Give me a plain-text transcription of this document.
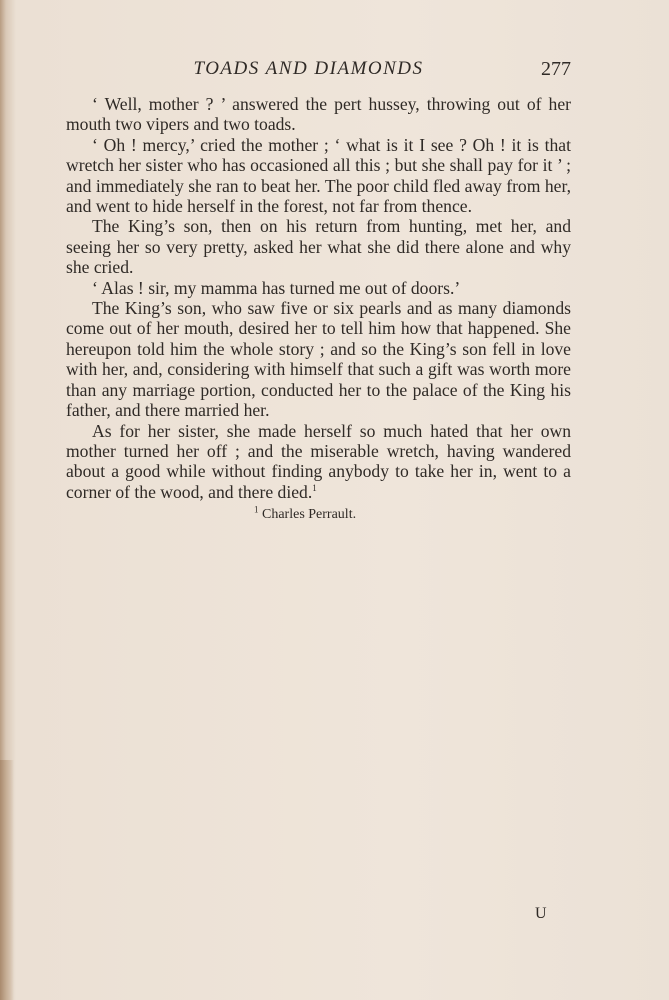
TOADS AND DIAMONDS	277

‘ Well, mother ? ’ answered the pert hussey, throwing out of her mouth two vipers and two toads.

‘ Oh ! mercy,’ cried the mother ; ‘ what is it I see ? Oh ! it is that wretch her sister who has occasioned all this ; but she shall pay for it ’ ; and immediately she ran to beat her. The poor child fled away from her, and went to hide herself in the forest, not far from thence.

The King’s son, then on his return from hunting, met her, and seeing her so very pretty, asked her what she did there alone and why she cried.

‘ Alas ! sir, my mamma has turned me out of doors.’

The King’s son, who saw five or six pearls and as many diamonds come out of her mouth, desired her to tell him how that happened. She hereupon told him the whole story ; and so the King’s son fell in love with her, and, considering with himself that such a gift was worth more than any marriage portion, conducted her to the palace of the King his father, and there married her.

As for her sister, she made herself so much hated that her own mother turned her off ; and the miserable wretch, having wandered about a good while without finding anybody to take her in, went to a corner of the wood, and there died.$^1$

$^1$ Charles Perrault.
U
